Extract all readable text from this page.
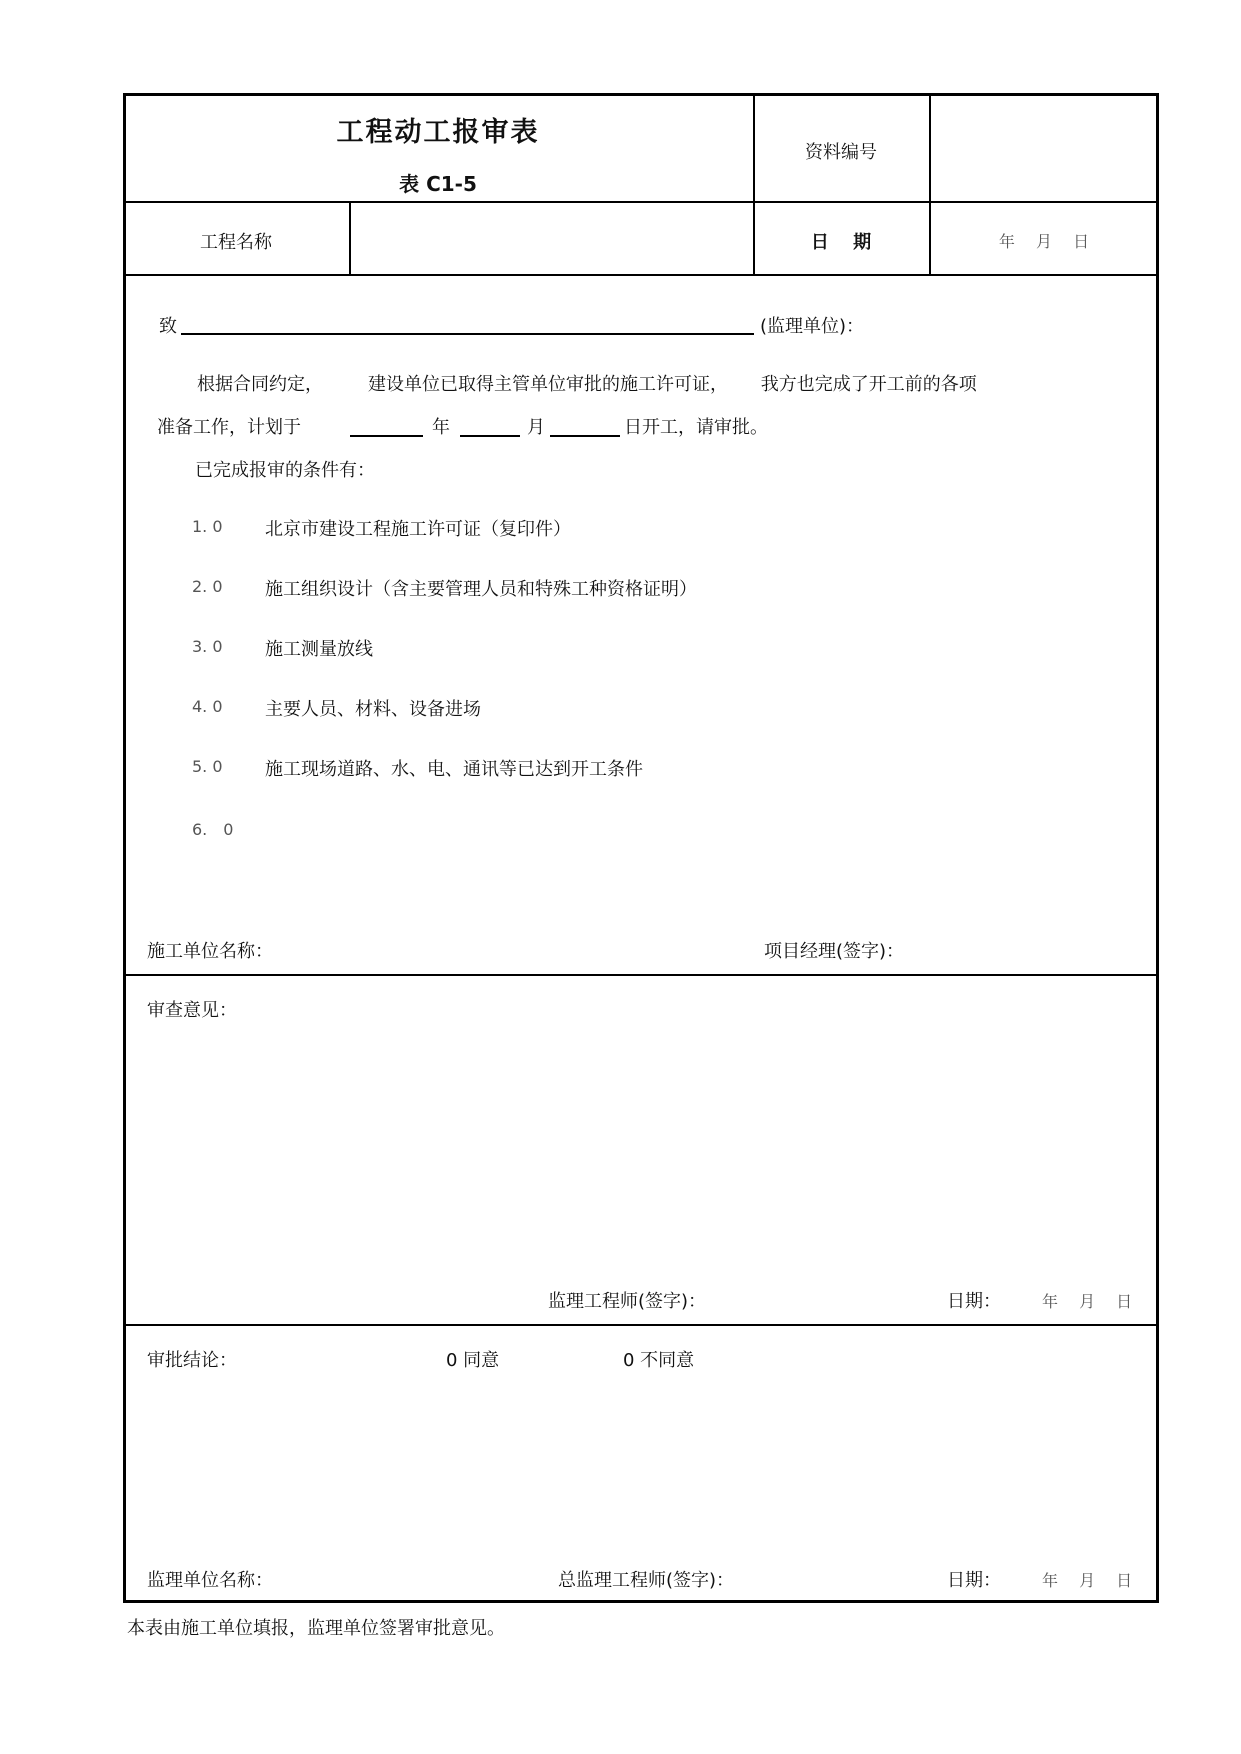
工程动工报审表
表 C1-5
资料编号
工程名称	日 期	年　 月　 日
致	(监理单位)：
根据合同约定，　　　建设单位已取得主管单位审批的施工许可证，　　 我方也完成了开工前的各项
准备工作，计划于	年	月	日开工，请审批。
已完成报审的条件有：
1. 0 北京市建设工程施工许可证（复印件）
2. 0 施工组织设计（含主要管理人员和特殊工种资格证明）
3. 0 施工测量放线
4. 0 主要人员、材料、设备进场
5. 0 施工现场道路、水、电、通讯等已达到开工条件
6.　0
施工单位名称：	项目经理(签字)：
审查意见：
监理工程师(签字)：	日期：	年　 月　 日
审批结论：	0 同意	0 不同意
监理单位名称：	总监理工程师(签字)：	日期：	年　 月　 日
本表由施工单位填报，监理单位签署审批意见。
